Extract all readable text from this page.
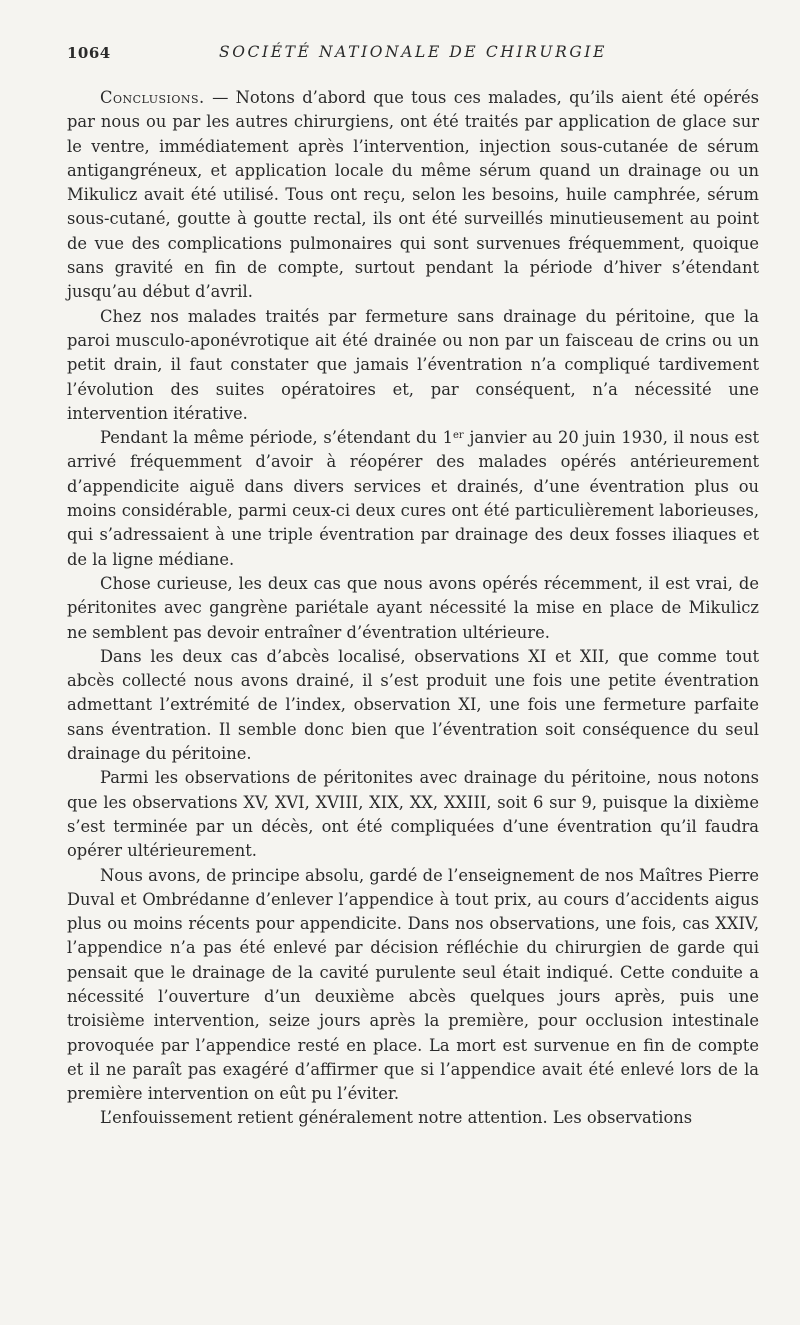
1064	SOCIÉTÉ NATIONALE DE CHIRURGIE

Conclusions. — Notons d’abord que tous ces malades, qu’ils aient été opérés par nous ou par les autres chirurgiens, ont été traités par application de glace sur le ventre, immédiatement après l’intervention, injection sous-cutanée de sérum antigangréneux, et application locale du même sérum quand un drainage ou un Mikulicz avait été utilisé. Tous ont reçu, selon les besoins, huile camphrée, sérum sous-cutané, goutte à goutte rectal, ils ont été surveillés minutieusement au point de vue des complications pulmonaires qui sont survenues fréquemment, quoique sans gravité en fin de compte, surtout pendant la période d’hiver s’étendant jusqu’au début d’avril.

Chez nos malades traités par fermeture sans drainage du péritoine, que la paroi musculo-aponévrotique ait été drainée ou non par un faisceau de crins ou un petit drain, il faut constater que jamais l’éventration n’a compliqué tardivement l’évolution des suites opératoires et, par conséquent, n’a nécessité une intervention itérative.

Pendant la même période, s’étendant du 1er janvier au 20 juin 1930, il nous est arrivé fréquemment d’avoir à réopérer des malades opérés antérieurement d’appendicite aiguë dans divers services et drainés, d’une éventration plus ou moins considérable, parmi ceux-ci deux cures ont été particulièrement laborieuses, qui s’adressaient à une triple éventration par drainage des deux fosses iliaques et de la ligne médiane.

Chose curieuse, les deux cas que nous avons opérés récemment, il est vrai, de péritonites avec gangrène pariétale ayant nécessité la mise en place de Mikulicz ne semblent pas devoir entraîner d’éventration ultérieure.

Dans les deux cas d’abcès localisé, observations XI et XII, que comme tout abcès collecté nous avons drainé, il s’est produit une fois une petite éventration admettant l’extrémité de l’index, observation XI, une fois une fermeture parfaite sans éventration. Il semble donc bien que l’éventration soit conséquence du seul drainage du péritoine.

Parmi les observations de péritonites avec drainage du péritoine, nous notons que les observations XV, XVI, XVIII, XIX, XX, XXIII, soit 6 sur 9, puisque la dixième s’est terminée par un décès, ont été compliquées d’une éventration qu’il faudra opérer ultérieurement.

Nous avons, de principe absolu, gardé de l’enseignement de nos Maîtres Pierre Duval et Ombrédanne d’enlever l’appendice à tout prix, au cours d’accidents aigus plus ou moins récents pour appendicite. Dans nos observations, une fois, cas XXIV, l’appendice n’a pas été enlevé par décision réfléchie du chirurgien de garde qui pensait que le drainage de la cavité purulente seul était indiqué. Cette conduite a nécessité l’ouverture d’un deuxième abcès quelques jours après, puis une troisième intervention, seize jours après la première, pour occlusion intestinale provoquée par l’appendice resté en place. La mort est survenue en fin de compte et il ne paraît pas exagéré d’affirmer que si l’appendice avait été enlevé lors de la première intervention on eût pu l’éviter.

L’enfouissement retient généralement notre attention. Les observations
